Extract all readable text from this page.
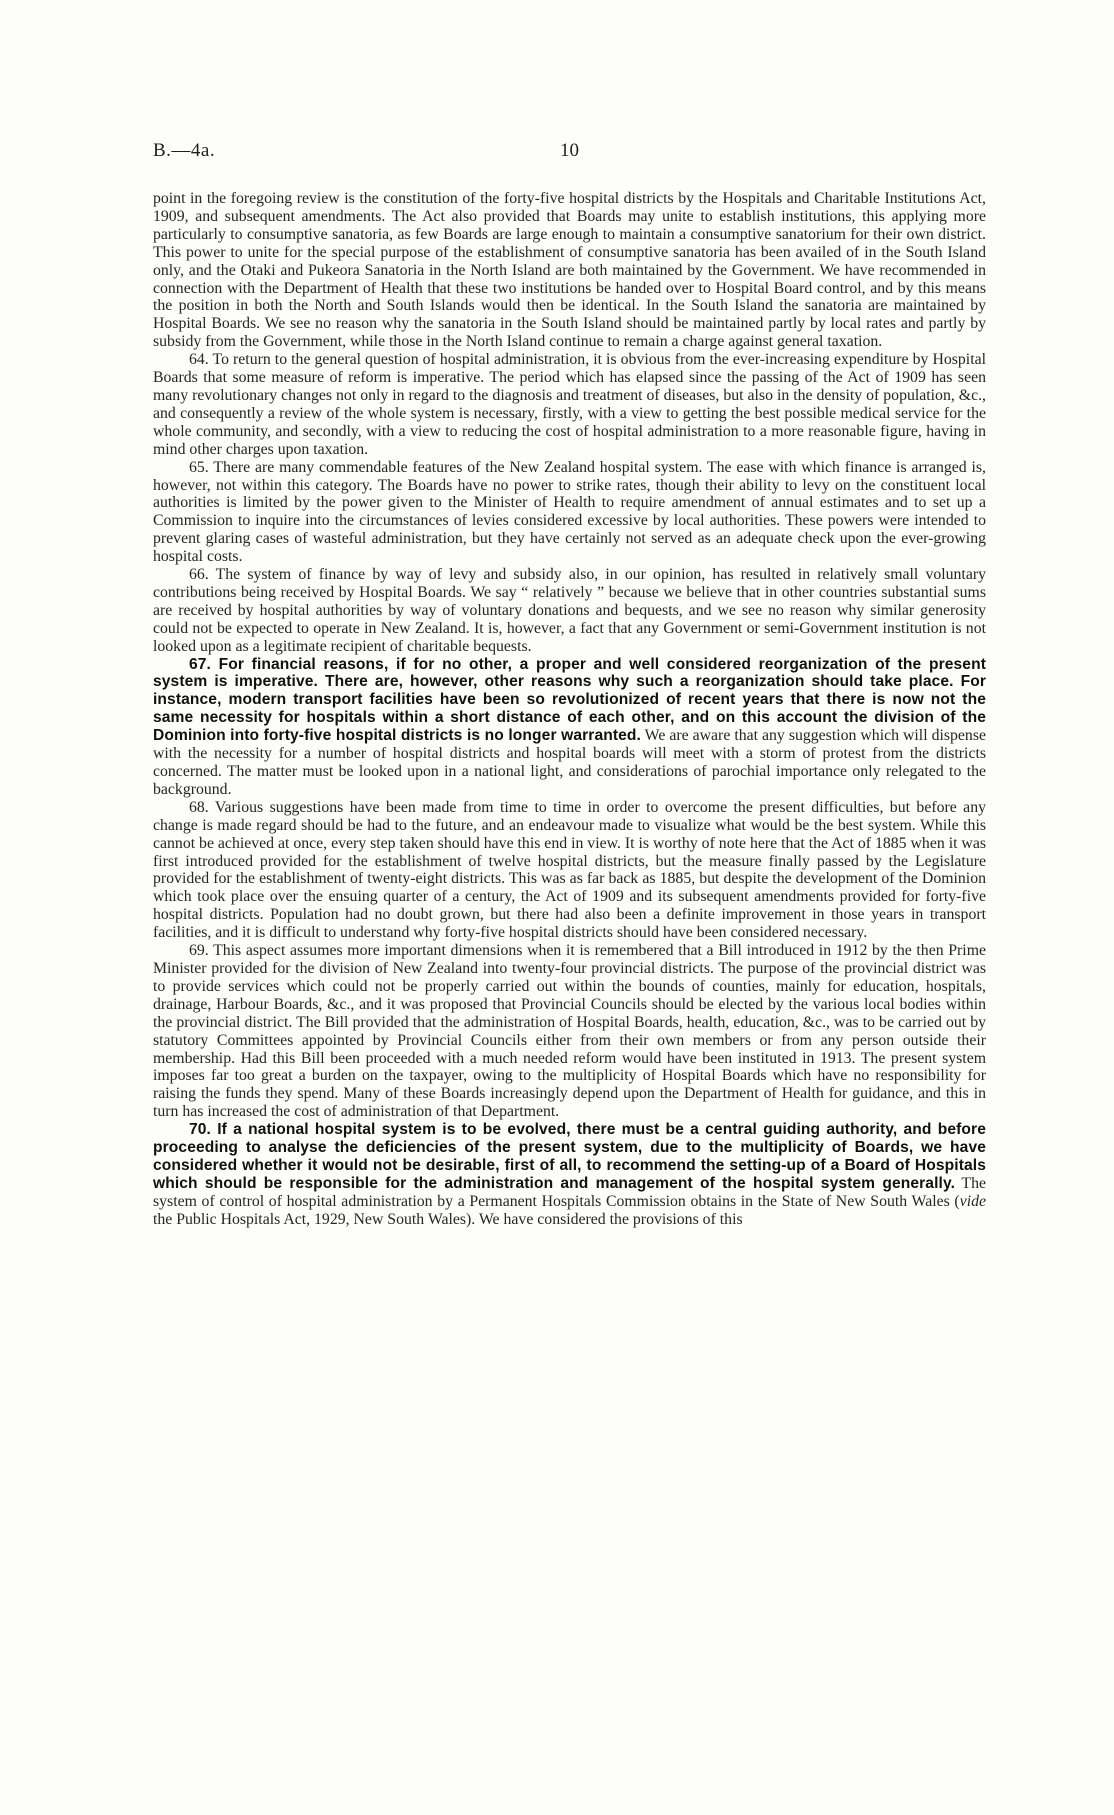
B.—4a.	10

point in the foregoing review is the constitution of the forty-five hospital districts by the Hospitals and Charitable Institutions Act, 1909, and subsequent amendments. The Act also provided that Boards may unite to establish institutions, this applying more particularly to consumptive sanatoria, as few Boards are large enough to maintain a consumptive sanatorium for their own district. This power to unite for the special purpose of the establishment of consumptive sanatoria has been availed of in the South Island only, and the Otaki and Pukeora Sanatoria in the North Island are both maintained by the Government. We have recommended in connection with the Department of Health that these two institutions be handed over to Hospital Board control, and by this means the position in both the North and South Islands would then be identical. In the South Island the sanatoria are maintained by Hospital Boards. We see no reason why the sanatoria in the South Island should be maintained partly by local rates and partly by subsidy from the Government, while those in the North Island continue to remain a charge against general taxation.

64. To return to the general question of hospital administration, it is obvious from the ever-increasing expenditure by Hospital Boards that some measure of reform is imperative. The period which has elapsed since the passing of the Act of 1909 has seen many revolutionary changes not only in regard to the diagnosis and treatment of diseases, but also in the density of population, &c., and consequently a review of the whole system is necessary, firstly, with a view to getting the best possible medical service for the whole community, and secondly, with a view to reducing the cost of hospital administration to a more reasonable figure, having in mind other charges upon taxation.

65. There are many commendable features of the New Zealand hospital system. The ease with which finance is arranged is, however, not within this category. The Boards have no power to strike rates, though their ability to levy on the constituent local authorities is limited by the power given to the Minister of Health to require amendment of annual estimates and to set up a Commission to inquire into the circumstances of levies considered excessive by local authorities. These powers were intended to prevent glaring cases of wasteful administration, but they have certainly not served as an adequate check upon the ever-growing hospital costs.

66. The system of finance by way of levy and subsidy also, in our opinion, has resulted in relatively small voluntary contributions being received by Hospital Boards. We say “ relatively ” because we believe that in other countries substantial sums are received by hospital authorities by way of voluntary donations and bequests, and we see no reason why similar generosity could not be expected to operate in New Zealand. It is, however, a fact that any Government or semi-Government institution is not looked upon as a legitimate recipient of charitable bequests.

67. For financial reasons, if for no other, a proper and well considered reorganization of the present system is imperative. There are, however, other reasons why such a reorganization should take place. For instance, modern transport facilities have been so revolutionized of recent years that there is now not the same necessity for hospitals within a short distance of each other, and on this account the division of the Dominion into forty-five hospital districts is no longer warranted. We are aware that any suggestion which will dispense with the necessity for a number of hospital districts and hospital boards will meet with a storm of protest from the districts concerned. The matter must be looked upon in a national light, and considerations of parochial importance only relegated to the background.

68. Various suggestions have been made from time to time in order to overcome the present difficulties, but before any change is made regard should be had to the future, and an endeavour made to visualize what would be the best system. While this cannot be achieved at once, every step taken should have this end in view. It is worthy of note here that the Act of 1885 when it was first introduced provided for the establishment of twelve hospital districts, but the measure finally passed by the Legislature provided for the establishment of twenty-eight districts. This was as far back as 1885, but despite the development of the Dominion which took place over the ensuing quarter of a century, the Act of 1909 and its subsequent amendments provided for forty-five hospital districts. Population had no doubt grown, but there had also been a definite improvement in those years in transport facilities, and it is difficult to understand why forty-five hospital districts should have been considered necessary.

69. This aspect assumes more important dimensions when it is remembered that a Bill introduced in 1912 by the then Prime Minister provided for the division of New Zealand into twenty-four provincial districts. The purpose of the provincial district was to provide services which could not be properly carried out within the bounds of counties, mainly for education, hospitals, drainage, Harbour Boards, &c., and it was proposed that Provincial Councils should be elected by the various local bodies within the provincial district. The Bill provided that the administration of Hospital Boards, health, education, &c., was to be carried out by statutory Committees appointed by Provincial Councils either from their own members or from any person outside their membership. Had this Bill been proceeded with a much needed reform would have been instituted in 1913. The present system imposes far too great a burden on the taxpayer, owing to the multiplicity of Hospital Boards which have no responsibility for raising the funds they spend. Many of these Boards increasingly depend upon the Department of Health for guidance, and this in turn has increased the cost of administration of that Department.

70. If a national hospital system is to be evolved, there must be a central guiding authority, and before proceeding to analyse the deficiencies of the present system, due to the multiplicity of Boards, we have considered whether it would not be desirable, first of all, to recommend the setting-up of a Board of Hospitals which should be responsible for the administration and management of the hospital system generally. The system of control of hospital administration by a Permanent Hospitals Commission obtains in the State of New South Wales (vide the Public Hospitals Act, 1929, New South Wales). We have considered the provisions of this
